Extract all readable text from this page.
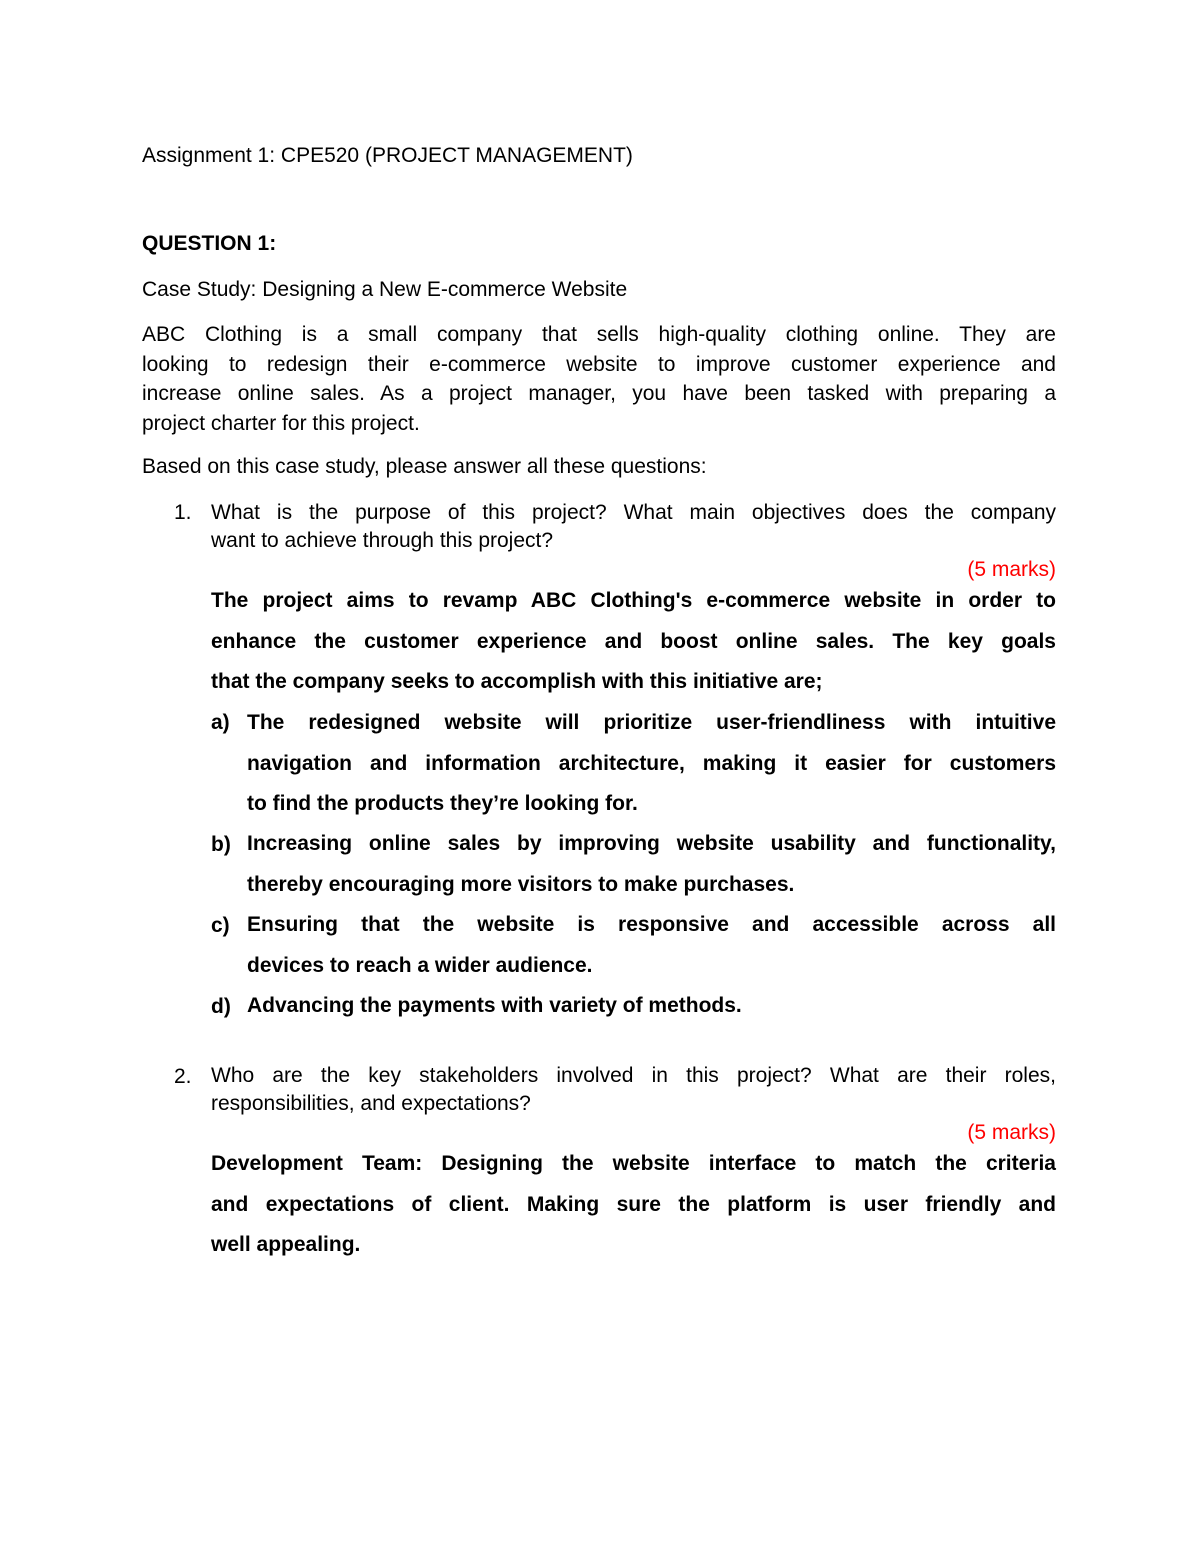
Assignment 1: CPE520 (PROJECT MANAGEMENT)

QUESTION 1:

Case Study: Designing a New E-commerce Website

ABC Clothing is a small company that sells high-quality clothing online. They are
looking to redesign their e-commerce website to improve customer experience and
increase online sales. As a project manager, you have been tasked with preparing a
project charter for this project.

Based on this case study, please answer all these questions:

1. What is the purpose of this project? What main objectives does the company
want to achieve through this project?
(5 marks)
The project aims to revamp ABC Clothing's e-commerce website in order to
enhance the customer experience and boost online sales. The key goals
that the company seeks to accomplish with this initiative are;
a) The redesigned website will prioritize user-friendliness with intuitive
navigation and information architecture, making it easier for customers
to find the products they’re looking for.
b) Increasing online sales by improving website usability and functionality,
thereby encouraging more visitors to make purchases.
c) Ensuring that the website is responsive and accessible across all
devices to reach a wider audience.
d) Advancing the payments with variety of methods.
2. Who are the key stakeholders involved in this project? What are their roles,
responsibilities, and expectations?
(5 marks)
Development Team: Designing the website interface to match the criteria
and expectations of client. Making sure the platform is user friendly and
well appealing.
